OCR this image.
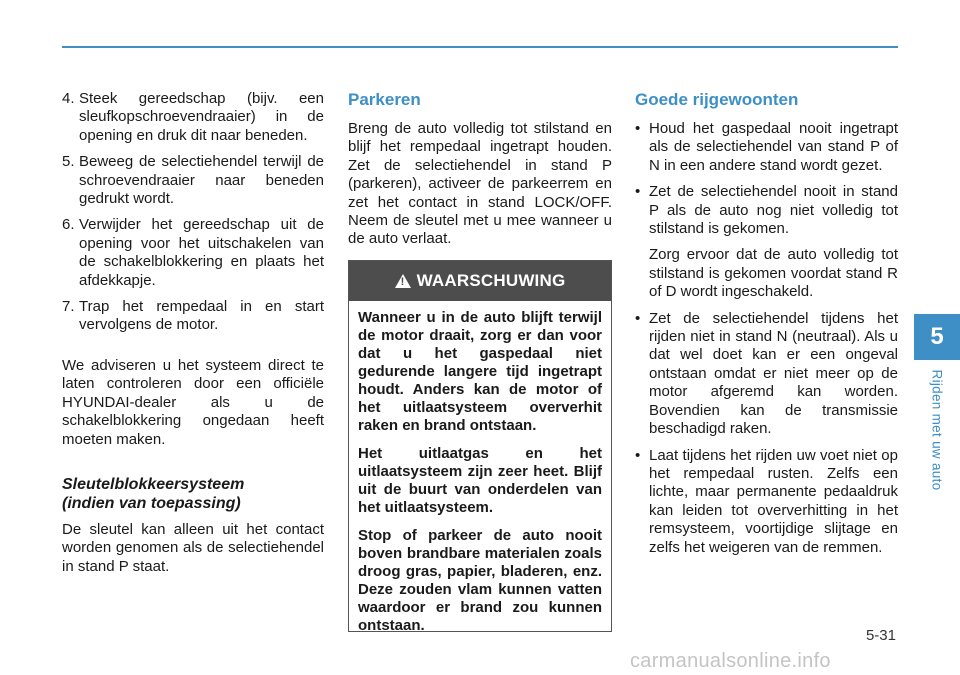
4. Steek gereedschap (bijv. een sleufkopschroevendraaier) in de opening en druk dit naar beneden.
5. Beweeg de selectiehendel terwijl de schroevendraaier naar beneden gedrukt wordt.
6. Verwijder het gereedschap uit de opening voor het uitschakelen van de schakelblokkering en plaats het afdekkapje.
7. Trap het rempedaal in en start vervolgens de motor.

We adviseren u het systeem direct te laten controleren door een officiële HYUNDAI-dealer als u de schakelblokkering ongedaan heeft moeten maken.

Sleutelblokkeersysteem
(indien van toepassing)

De sleutel kan alleen uit het contact worden genomen als de selectiehendel in stand P staat.

Parkeren

Breng de auto volledig tot stilstand en blijf het rempedaal ingetrapt houden. Zet de selectiehendel in stand P (parkeren), activeer de parkeerrem en zet het contact in stand LOCK/OFF. Neem de sleutel met u mee wanneer u de auto verlaat.

!
WAARSCHUWING

Wanneer u in de auto blijft terwijl de motor draait, zorg er dan voor dat u het gaspedaal niet gedurende langere tijd ingetrapt houdt. Anders kan de motor of het uitlaatsysteem oververhit raken en brand ontstaan.

Het uitlaatgas en het uitlaatsysteem zijn zeer heet. Blijf uit de buurt van onderdelen van het uitlaatsysteem.

Stop of parkeer de auto nooit boven brandbare materialen zoals droog gras, papier, bladeren, enz. Deze zouden vlam kunnen vatten waardoor er brand zou kunnen ontstaan.

Goede rijgewoonten
• Houd het gaspedaal nooit ingetrapt als de selectiehendel van stand P of N in een andere stand wordt gezet.
• Zet de selectiehendel nooit in stand P als de auto nog niet volledig tot stilstand is gekomen.
Zorg ervoor dat de auto volledig tot stilstand is gekomen voordat stand R of D wordt ingeschakeld.
• Zet de selectiehendel tijdens het rijden niet in stand N (neutraal). Als u dat wel doet kan er een ongeval ontstaan omdat er niet meer op de motor afgeremd kan worden. Bovendien kan de transmissie beschadigd raken.
• Laat tijdens het rijden uw voet niet op het rempedaal rusten. Zelfs een lichte, maar permanente pedaaldruk kan leiden tot oververhitting in het remsysteem, voortijdige slijtage en zelfs het weigeren van de remmen.
5
Rijden met uw auto
5-31
carmanualsonline.info
